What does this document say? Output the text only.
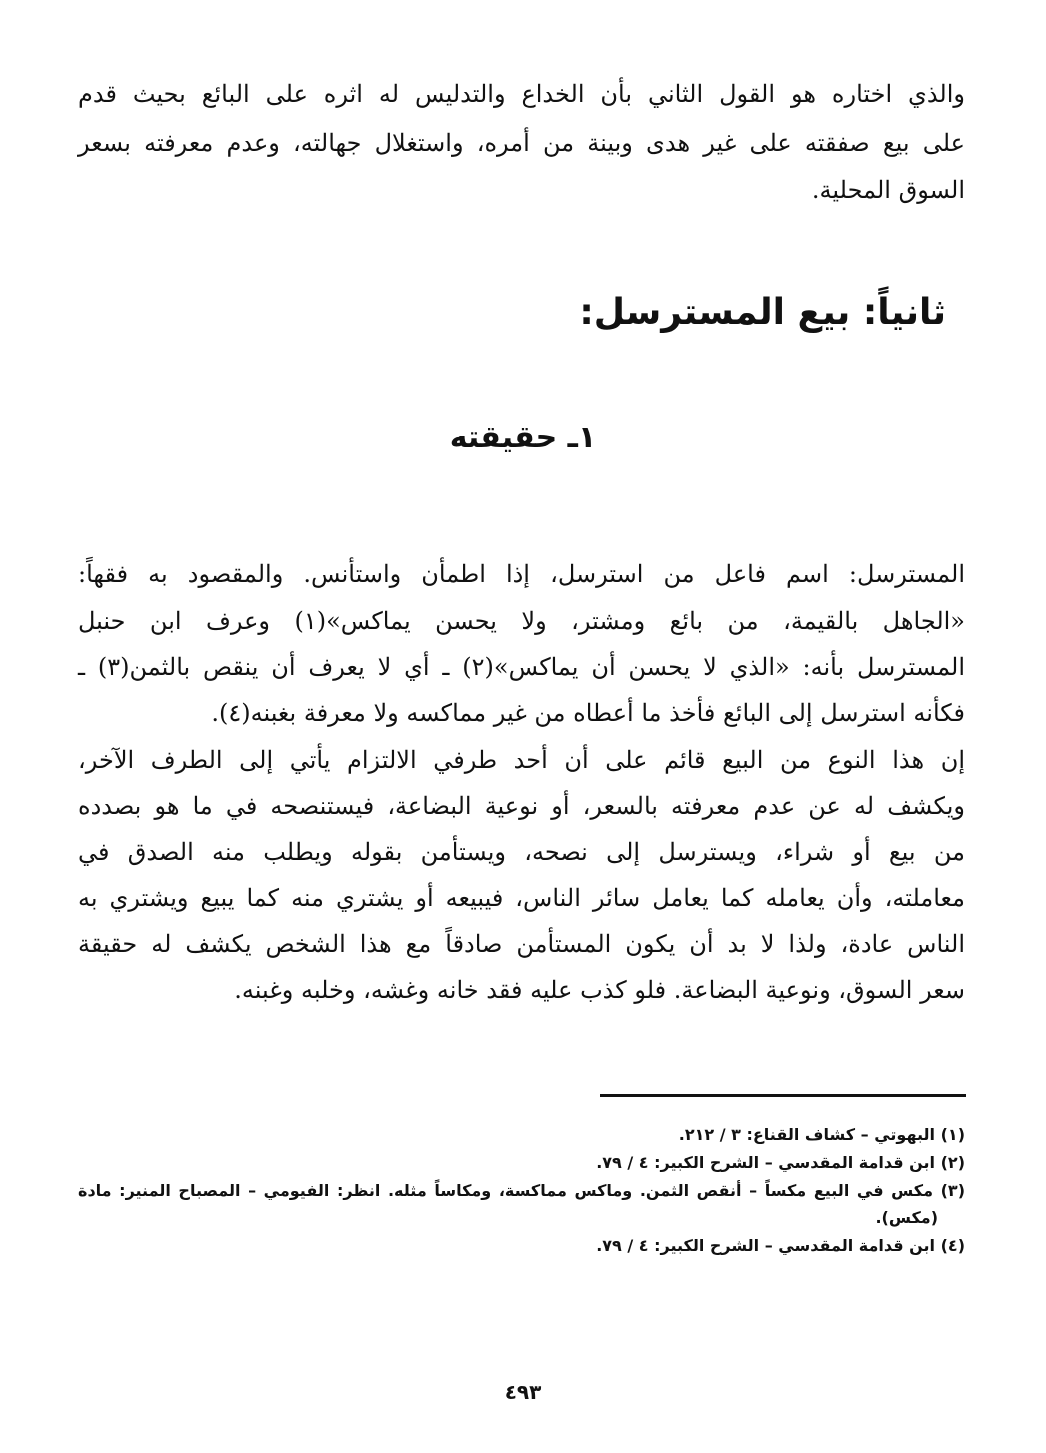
والذي اختاره هو القول الثاني بأن الخداع والتدليس له اثره على البائع بحيث قدم
على بيع صفقته على غير هدى وبينة من أمره، واستغلال جهالته، وعدم معرفته بسعر
السوق المحلية.
ثانياً: بيع المسترسل:
١ـ حقيقته
المسترسل: اسم فاعل من استرسل، إذا اطمأن واستأنس. والمقصود به فقهاً:
«الجاهل بالقيمة، من بائع ومشتر، ولا يحسن يماكس»(١) وعرف ابن حنبل
المسترسل بأنه: «الذي لا يحسن أن يماكس»(٢) ـ أي لا يعرف أن ينقص بالثمن(٣) ـ
فكأنه استرسل إلى البائع فأخذ ما أعطاه من غير مماكسه ولا معرفة بغبنه(٤).
إن هذا النوع من البيع قائم على أن أحد طرفي الالتزام يأتي إلى الطرف الآخر،
ويكشف له عن عدم معرفته بالسعر، أو نوعية البضاعة، فيستنصحه في ما هو بصدده
من بيع أو شراء، ويسترسل إلى نصحه، ويستأمن بقوله ويطلب منه الصدق في
معاملته، وأن يعامله كما يعامل سائر الناس، فيبيعه أو يشتري منه كما يبيع ويشتري به
الناس عادة، ولذا لا بد أن يكون المستأمن صادقاً مع هذا الشخص يكشف له حقيقة
سعر السوق، ونوعية البضاعة. فلو كذب عليه فقد خانه وغشه، وخلبه وغبنه.
(١) البهوتي – كشاف القناع: ٣ / ٢١٢.
(٢) ابن قدامة المقدسي – الشرح الكبير: ٤ / ٧٩.
(٣) مكس في البيع مكساً – أنقص الثمن. وماكس مماكسة، ومكاساً مثله. انظر: الفيومي – المصباح المنير: مادة
(مكس).
(٤) ابن قدامة المقدسي – الشرح الكبير: ٤ / ٧٩.
٤٩٣
